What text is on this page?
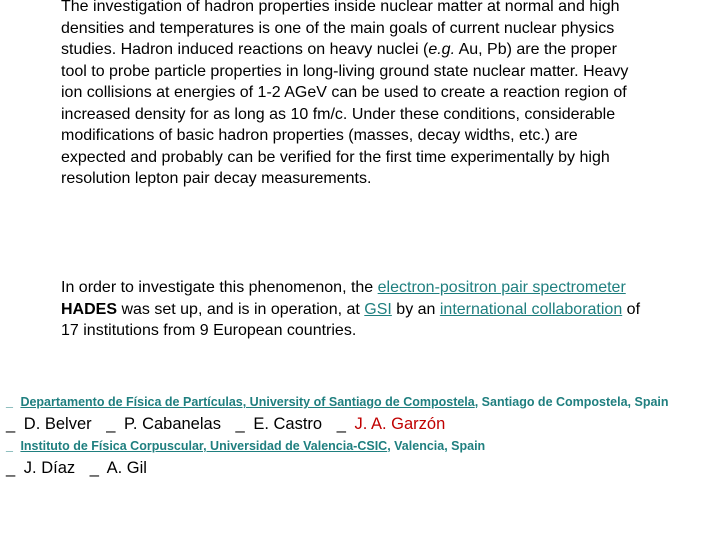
The investigation of hadron properties inside nuclear matter at normal and high densities and temperatures is one of the main goals of current nuclear physics studies. Hadron induced reactions on heavy nuclei (e.g. Au, Pb) are the proper tool to probe particle properties in long-living ground state nuclear matter. Heavy ion collisions at energies of 1-2 AGeV can be used to create a reaction region of increased density for as long as 10 fm/c. Under these conditions, considerable modifications of basic hadron properties (masses, decay widths, etc.) are expected and probably can be verified for the first time experimentally by high resolution lepton pair decay measurements.

In order to investigate this phenomenon, the electron-positron pair spectrometer HADES was set up, and is in operation, at GSI by an international collaboration of 17 institutions from 9 European countries.

_ Departamento de Física de Partículas, University of Santiago de Compostela, Santiago de Compostela, Spain
_ D. Belver _ P. Cabanelas _ E. Castro _ J. A. Garzón
_ Instituto de Física Corpuscular, Universidad de Valencia-CSIC, Valencia, Spain
_ J. Díaz _ A. Gil
